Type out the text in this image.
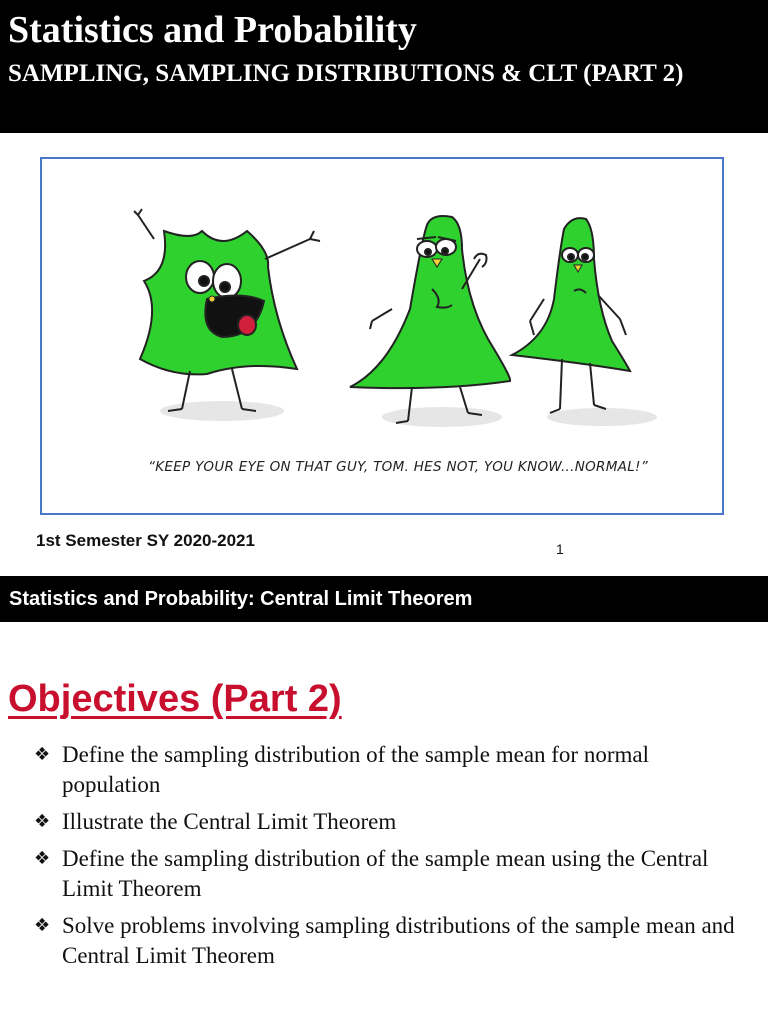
Statistics and Probability
SAMPLING, SAMPLING DISTRIBUTIONS & CLT (PART 2)
“KEEP YOUR EYE ON THAT GUY, TOM. HES NOT, YOU KNOW...NORMAL!”
1st Semester SY 2020-2021	1
Statistics and Probability: Central Limit Theorem
Objectives (Part 2)
❖ Define the sampling distribution of the sample mean for normal population
❖ Illustrate the Central Limit Theorem
❖ Define the sampling distribution of the sample mean using the Central Limit Theorem
❖ Solve problems involving sampling distributions of the sample mean and Central Limit Theorem
